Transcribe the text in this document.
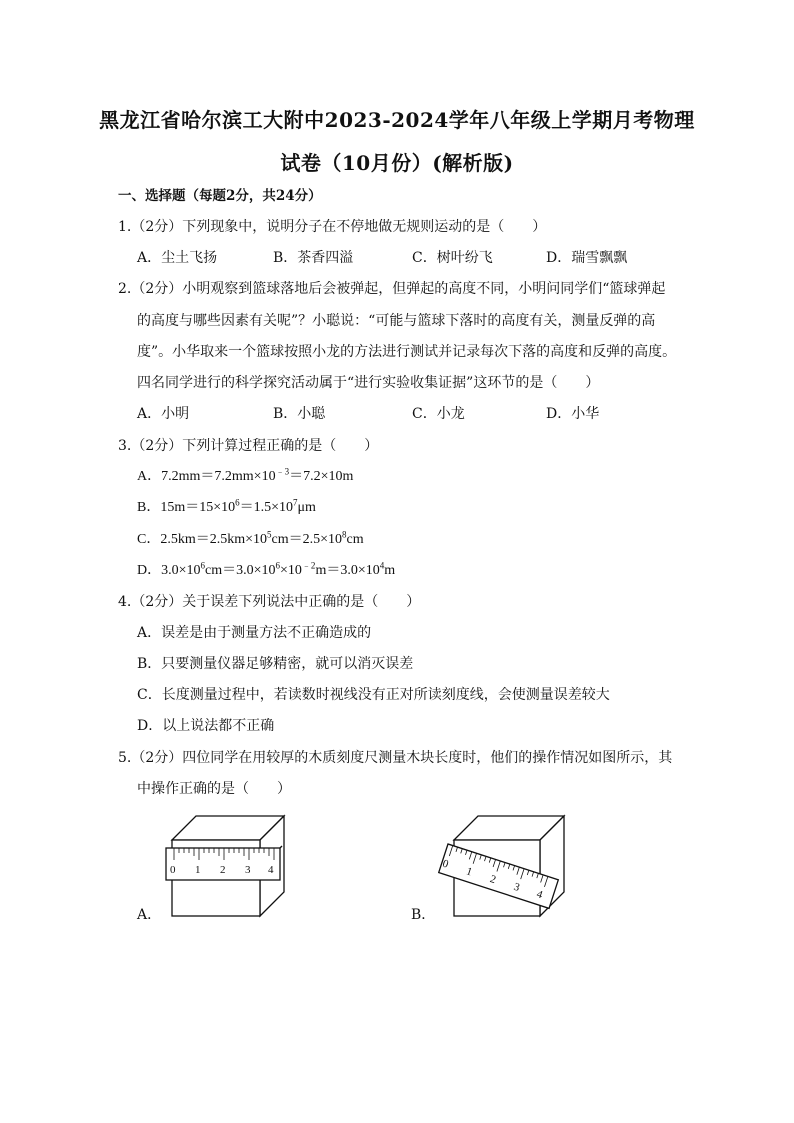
黑龙江省哈尔滨工大附中2023-2024学年八年级上学期月考物理
试卷（10月份）(解析版)
一、选择题（每题2分，共24分）
1.（2分）下列现象中，说明分子在不停地做无规则运动的是（　　）
A．尘土飞扬	B．茶香四溢	C．树叶纷飞	D．瑞雪飘飘
2.（2分）小明观察到篮球落地后会被弹起，但弹起的高度不同，小明问同学们“篮球弹起
的高度与哪些因素有关呢”？小聪说：“可能与篮球下落时的高度有关，测量反弹的高
度”。小华取来一个篮球按照小龙的方法进行测试并记录每次下落的高度和反弹的高度。
四名同学进行的科学探究活动属于“进行实验收集证据”这环节的是（　　）
A．小明	B．小聪	C．小龙	D．小华
3.（2分）下列计算过程正确的是（　　）
A．$7.2mm=7.2mm\times 10^{﹣3}=7.2\times 10m$
B．$15m=15\times 10^6=1.5\times 10^7\mu m$
C．$2.5km=2.5km\times 10^5cm=2.5\times 10^8cm$
D．$3.0\times 10^6cm=3.0\times 10^6\times 10^{﹣2}m=3.0\times 10^4m$
4.（2分）关于误差下列说法中正确的是（　　）
A．误差是由于测量方法不正确造成的
B．只要测量仪器足够精密，就可以消灭误差
C．长度测量过程中，若读数时视线没有正对所读刻度线，会使测量误差较大
D．以上说法都不正确
5.（2分）四位同学在用较厚的木质刻度尺测量木块长度时，他们的操作情况如图所示，其
中操作正确的是（　　）
A．
0 1 2 3 4
B．
0
1
2
3
4
